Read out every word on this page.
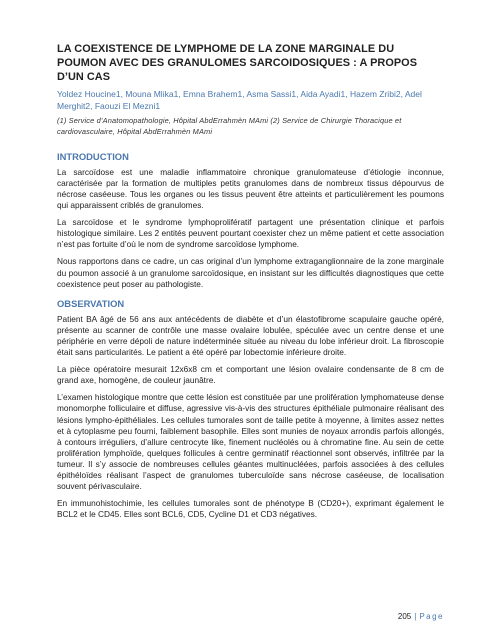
LA COEXISTENCE DE LYMPHOME DE LA ZONE MARGINALE DU POUMON AVEC DES GRANULOMES SARCOIDOSIQUES : A PROPOS D’UN CAS

Yoldez Houcine1, Mouna Mlika1, Emna Brahem1, Asma Sassi1, Aida Ayadi1, Hazem Zribi2, Adel Merghit2, Faouzi El Mezni1

(1) Service d’Anatomopathologie, Hôpital AbdErrahmèn MAmi (2) Service de Chirurgie Thoracique et cardiovasculaire, Hôpital AbdErrahmèn MAmi

INTRODUCTION

La sarcoïdose est une maladie inflammatoire chronique granulomateuse d’étiologie inconnue, caractérisée par la formation de multiples petits granulomes dans de nombreux tissus dépourvus de nécrose caséeuse. Tous les organes ou les tissus peuvent être atteints et particulièrement les poumons qui apparaissent criblés de granulomes.

La sarcoïdose et le syndrome lymphoprolifératif partagent une présentation clinique et parfois histologique similaire. Les 2 entités peuvent pourtant coexister chez un même patient et cette association n’est pas fortuite d’où le nom de syndrome sarcoïdose lymphome.

Nous rapportons dans ce cadre, un cas original d’un lymphome extraganglionnaire de la zone marginale du poumon associé à un granulome sarcoïdosique, en insistant sur les difficultés diagnostiques que cette coexistence peut poser au pathologiste.

OBSERVATION

Patient BA âgé de 56 ans aux antécédents de diabète et d’un élastofibrome scapulaire gauche opéré, présente au scanner de contrôle une masse ovalaire lobulée, spéculée avec un centre dense et une périphérie en verre dépoli de nature indéterminée située au niveau du lobe inférieur droit. La fibroscopie était sans particularités. Le patient a été opéré par lobectomie inférieure droite.

La pièce opératoire mesurait 12x6x8 cm et comportant une lésion ovalaire condensante de 8 cm de grand axe, homogène, de couleur jaunâtre.

L’examen histologique montre que cette lésion est constituée par une prolifération lymphomateuse dense monomorphe folliculaire et diffuse, agressive vis-à-vis des structures épithéliale pulmonaire réalisant des lésions lympho-épithéliales. Les cellules tumorales sont de taille petite à moyenne, à limites assez nettes et à cytoplasme peu fourni, faiblement basophile. Elles sont munies de noyaux arrondis parfois allongés, à contours irréguliers, d’allure centrocyte like, finement nucléolés ou à chromatine fine. Au sein de cette prolifération lymphoïde, quelques follicules à centre germinatif réactionnel sont observés, infiltrée par la tumeur. Il s’y associe de nombreuses cellules géantes multinucléées, parfois associées à des cellules épithéloïdes réalisant l’aspect de granulomes tuberculoïde sans nécrose caséeuse, de localisation souvent périvasculaire.

En immunohistochimie, les cellules tumorales sont de phénotype B (CD20+), exprimant également le BCL2 et le CD45. Elles sont BCL6, CD5, Cycline D1 et CD3 négatives.

205 | Page
